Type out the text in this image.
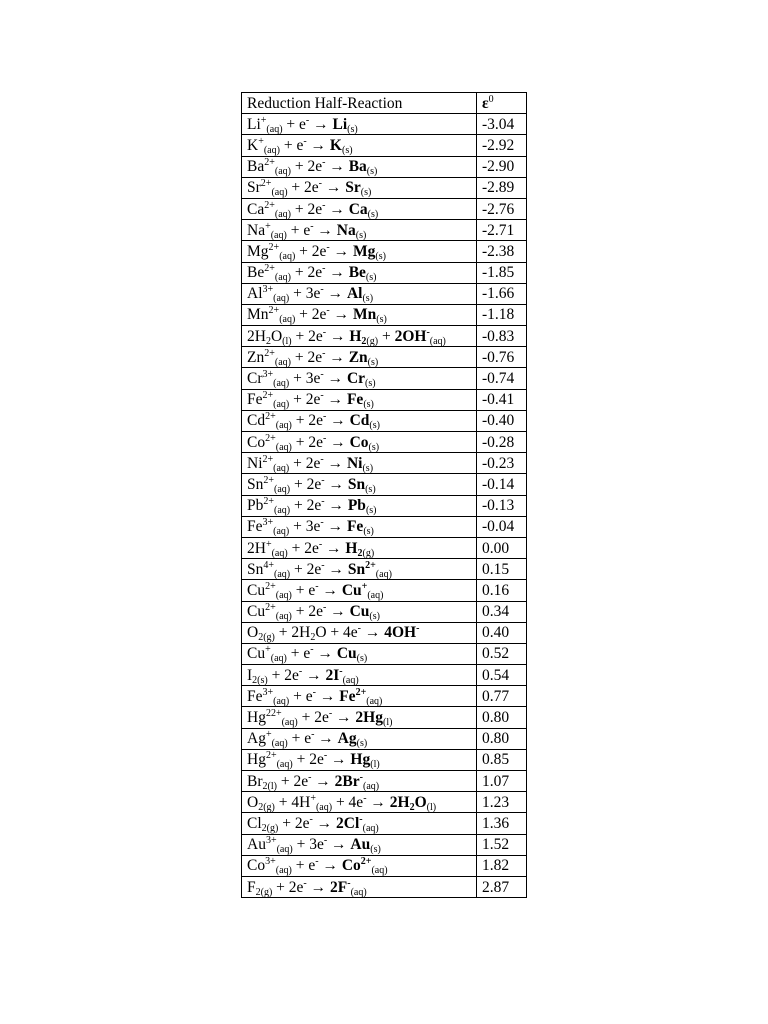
Reduction Half-Reaction	$\varepsilon^0$
$Li^+_{(aq)} + e^- \to Li_{(s)}$	-3.04
$K^+_{(aq)} + e^- \to K_{(s)}$	-2.92
$Ba^{2+}_{(aq)} + 2e^- \to Ba_{(s)}$	-2.90
$Sr^{2+}_{(aq)} + 2e^- \to Sr_{(s)}$	-2.89
$Ca^{2+}_{(aq)} + 2e^- \to Ca_{(s)}$	-2.76
$Na^+_{(aq)} + e^- \to Na_{(s)}$	-2.71
$Mg^{2+}_{(aq)} + 2e^- \to Mg_{(s)}$	-2.38
$Be^{2+}_{(aq)} + 2e^- \to Be_{(s)}$	-1.85
$Al^{3+}_{(aq)} + 3e^- \to Al_{(s)}$	-1.66
$Mn^{2+}_{(aq)} + 2e^- \to Mn_{(s)}$	-1.18
$2H_2O_{(l)} + 2e^- \to H_{2(g)} + 2OH^-_{(aq)}$	-0.83
$Zn^{2+}_{(aq)} + 2e^- \to Zn_{(s)}$	-0.76
$Cr^{3+}_{(aq)} + 3e^- \to Cr_{(s)}$	-0.74
$Fe^{2+}_{(aq)} + 2e^- \to Fe_{(s)}$	-0.41
$Cd^{2+}_{(aq)} + 2e^- \to Cd_{(s)}$	-0.40
$Co^{2+}_{(aq)} + 2e^- \to Co_{(s)}$	-0.28
$Ni^{2+}_{(aq)} + 2e^- \to Ni_{(s)}$	-0.23
$Sn^{2+}_{(aq)} + 2e^- \to Sn_{(s)}$	-0.14
$Pb^{2+}_{(aq)} + 2e^- \to Pb_{(s)}$	-0.13
$Fe^{3+}_{(aq)} + 3e^- \to Fe_{(s)}$	-0.04
$2H^+_{(aq)} + 2e^- \to H_{2(g)}$	0.00
$Sn^{4+}_{(aq)} + 2e^- \to Sn^{2+}_{(aq)}$	0.15
$Cu^{2+}_{(aq)} + e^- \to Cu^+_{(aq)}$	0.16
$Cu^{2+}_{(aq)} + 2e^- \to Cu_{(s)}$	0.34
$O_{2(g)} + 2H_2O + 4e^- \to 4OH^-$	0.40
$Cu^+_{(aq)} + e^- \to Cu_{(s)}$	0.52
$I_{2(s)} + 2e^- \to 2I^-_{(aq)}$	0.54
$Fe^{3+}_{(aq)} + e^- \to Fe^{2+}_{(aq)}$	0.77
$Hg^{22+}_{(aq)} + 2e^- \to 2Hg_{(l)}$	0.80
$Ag^+_{(aq)} + e^- \to Ag_{(s)}$	0.80
$Hg^{2+}_{(aq)} + 2e^- \to Hg_{(l)}$	0.85
$Br_{2(l)} + 2e^- \to 2Br^-_{(aq)}$	1.07
$O_{2(g)} + 4H^+_{(aq)} + 4e^- \to 2H_2O_{(l)}$	1.23
$Cl_{2(g)} + 2e^- \to 2Cl^-_{(aq)}$	1.36
$Au^{3+}_{(aq)} + 3e^- \to Au_{(s)}$	1.52
$Co^{3+}_{(aq)} + e^- \to Co^{2+}_{(aq)}$	1.82
$F_{2(g)} + 2e^- \to 2F^-_{(aq)}$	2.87
